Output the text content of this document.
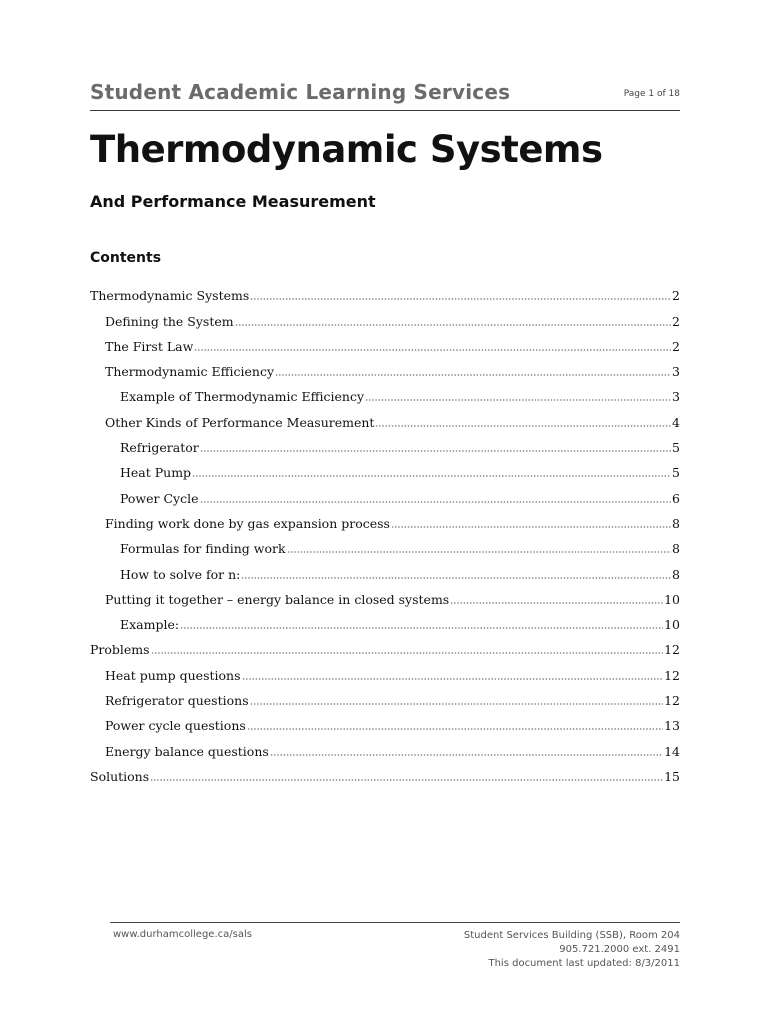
Student Academic Learning Services	Page 1 of 18
Thermodynamic Systems
And Performance Measurement
Contents
Thermodynamic Systems	2
Defining the System	2
The First Law	2
Thermodynamic Efficiency	3
Example of Thermodynamic Efficiency	3
Other Kinds of Performance Measurement	4
Refrigerator	5
Heat Pump	5
Power Cycle	6
Finding work done by gas expansion process	8
Formulas for finding work	8
How to solve for n:	8
Putting it together – energy balance in closed systems	10
Example:	10
Problems	12
Heat pump questions	12
Refrigerator questions	12
Power cycle questions	13
Energy balance questions	14
Solutions	15
www.durhamcollege.ca/sals	Student Services Building (SSB), Room 204
905.721.2000 ext. 2491
This document last updated: 8/3/2011
